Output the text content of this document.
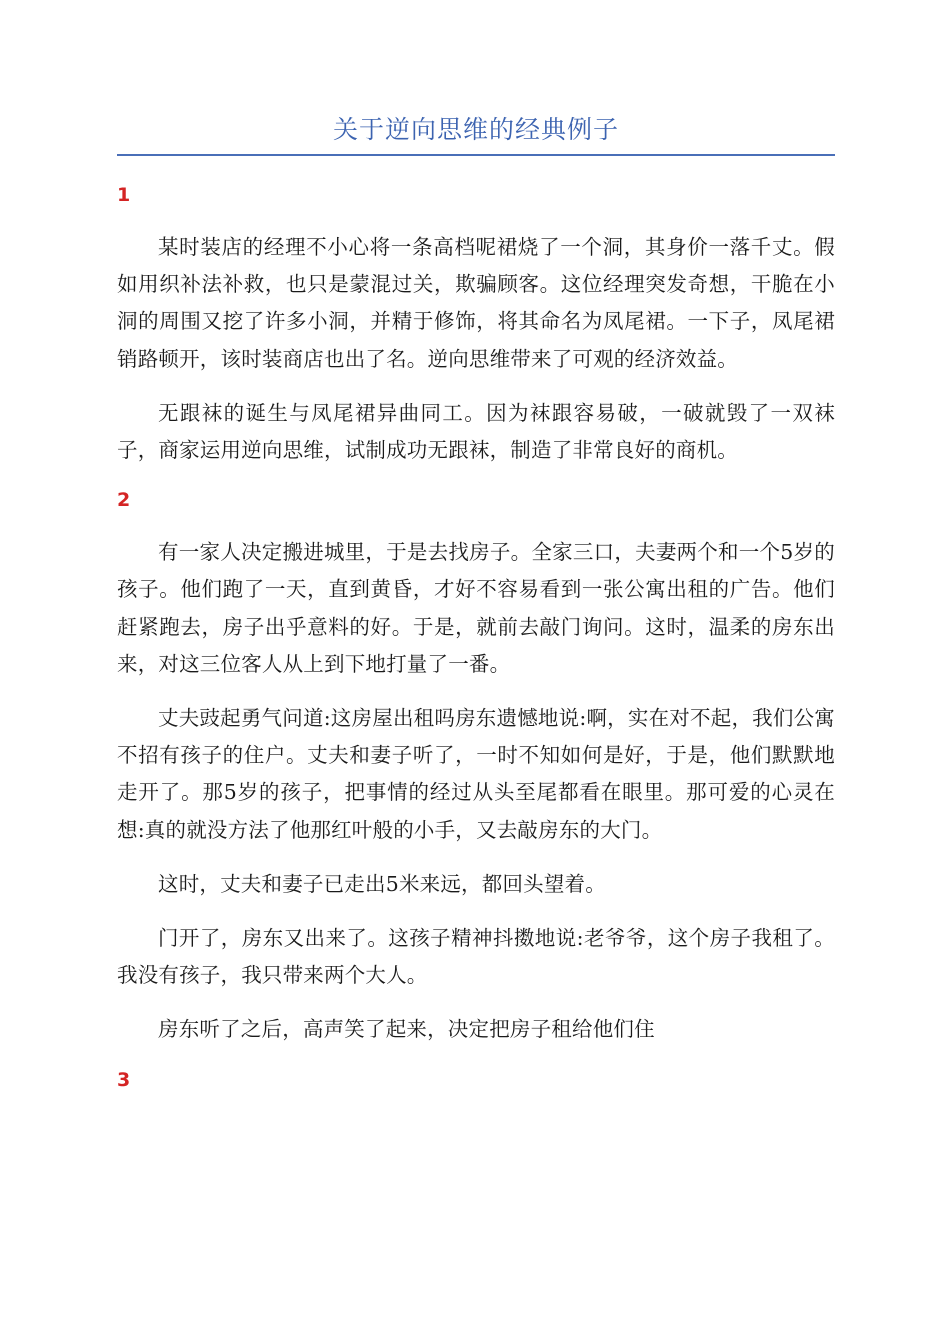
关于逆向思维的经典例子
1

某时装店的经理不小心将一条高档呢裙烧了一个洞，其身价一落千丈。假如用织补法补救，也只是蒙混过关，欺骗顾客。这位经理突发奇想，干脆在小洞的周围又挖了许多小洞，并精于修饰，将其命名为凤尾裙。一下子，凤尾裙销路顿开，该时装商店也出了名。逆向思维带来了可观的经济效益。

无跟袜的诞生与凤尾裙异曲同工。因为袜跟容易破，一破就毁了一双袜子，商家运用逆向思维，试制成功无跟袜，制造了非常良好的商机。

2

有一家人决定搬进城里，于是去找房子。全家三口，夫妻两个和一个5岁的孩子。他们跑了一天，直到黄昏，才好不容易看到一张公寓出租的广告。他们赶紧跑去，房子出乎意料的好。于是，就前去敲门询问。这时，温柔的房东出来，对这三位客人从上到下地打量了一番。

丈夫豉起勇气问道:这房屋出租吗房东遗憾地说:啊，实在对不起，我们公寓不招有孩子的住户。丈夫和妻子听了，一时不知如何是好，于是，他们默默地走开了。那5岁的孩子，把事情的经过从头至尾都看在眼里。那可爱的心灵在想:真的就没方法了他那红叶般的小手，又去敲房东的大门。

这时，丈夫和妻子已走出5米来远，都回头望着。

门开了，房东又出来了。这孩子精神抖擞地说:老爷爷，这个房子我租了。我没有孩子，我只带来两个大人。

房东听了之后，高声笑了起来，决定把房子租给他们住

3
